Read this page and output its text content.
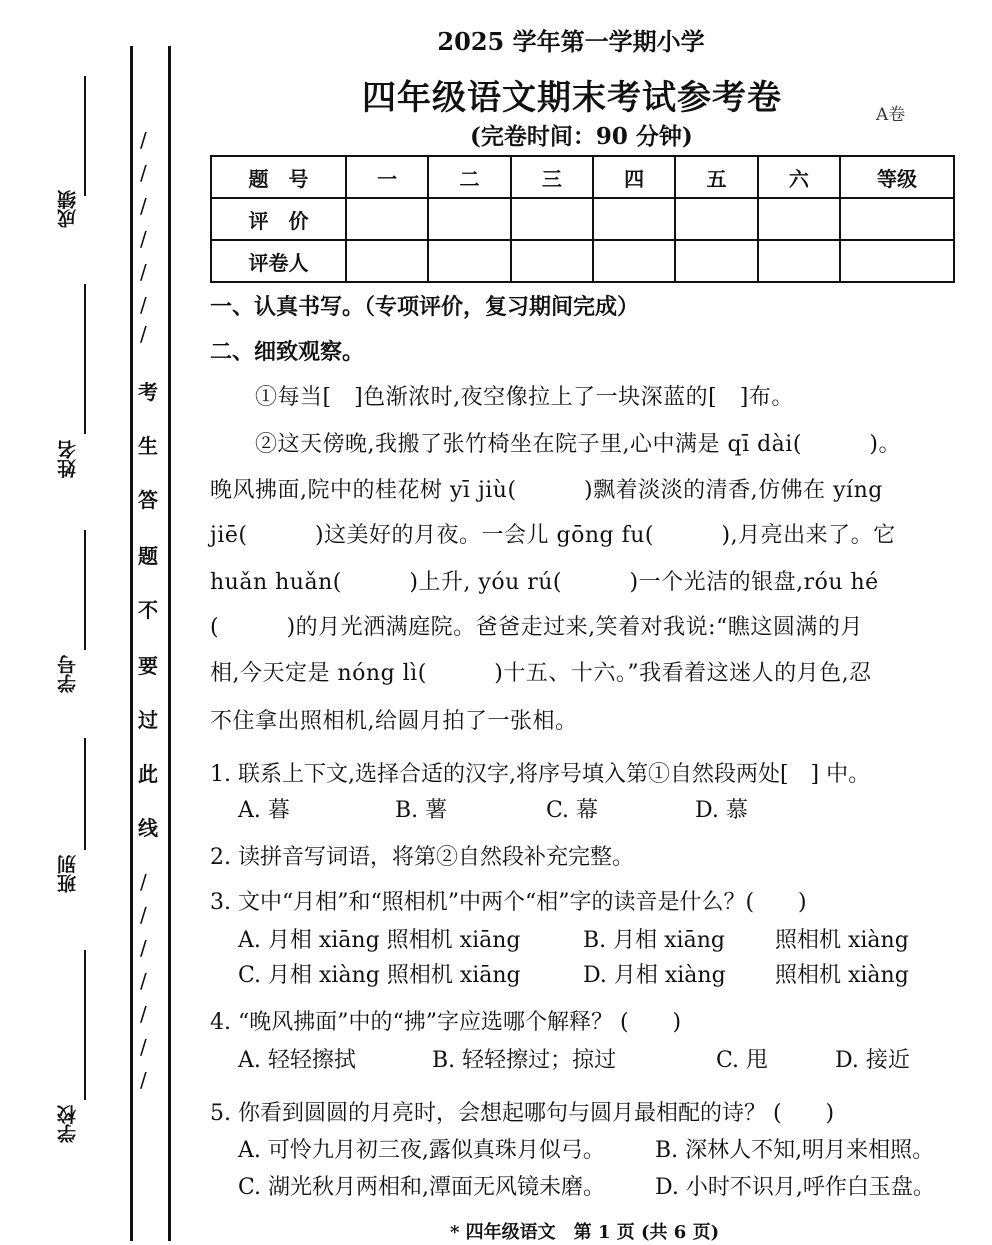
成绩
姓名
学号
班别
学校
/
/
/
/
/
/
/
考
生
答
题
不
要
过
此
线
/
/
/
/
/
/
/
2025 学年第一学期小学
四年级语文期末考试参考卷
(完卷时间：90 分钟)
A卷
题　号	一	二	三	四	五	六	等级
评　价							
评卷人							
一、认真书写。（专项评价，复习期间完成）
二、细致观察。
①每当[　]色渐浓时,夜空像拉上了一块深蓝的[　]布。
②这天傍晚,我搬了张竹椅坐在院子里,心中满是 qī dài(　　　)。
晚风拂面,院中的桂花树 yī jiù(　　　)飘着淡淡的清香,仿佛在 yíng
jiē(　　　)这美好的月夜。一会儿 gōng fu(　　　),月亮出来了。它
huǎn huǎn(　　　)上升, yóu rú(　　　)一个光洁的银盘,róu hé
(　　　)的月光洒满庭院。爸爸走过来,笑着对我说:“瞧这圆满的月
相,今天定是 nóng lì(　　　)十五、十六。”我看着这迷人的月色,忍
不住拿出照相机,给圆月拍了一张相。
1. 联系上下文,选择合适的汉字,将序号填入第①自然段两处[　] 中。
A. 暮	B. 薯	C. 幕	D. 慕
2. 读拼音写词语，将第②自然段补充完整。
3. 文中“月相”和“照相机”中两个“相”字的读音是什么？(　　)
A. 月相 xiāng 照相机 xiāng	B. 月相 xiāng 照相机 xiàng
C. 月相 xiàng 照相机 xiāng	D. 月相 xiàng 照相机 xiàng
4. “晚风拂面”中的“拂”字应选哪个解释？ (　　)
A. 轻轻擦拭	B. 轻轻擦过；掠过	C. 甩	D. 接近
5. 你看到圆圆的月亮时，会想起哪句与圆月最相配的诗？ (　　)
A. 可怜九月初三夜,露似真珠月似弓。 B. 深林人不知,明月来相照。
C. 湖光秋月两相和,潭面无风镜未磨。 D. 小时不识月,呼作白玉盘。
* 四年级语文　第 1 页 (共 6 页)
